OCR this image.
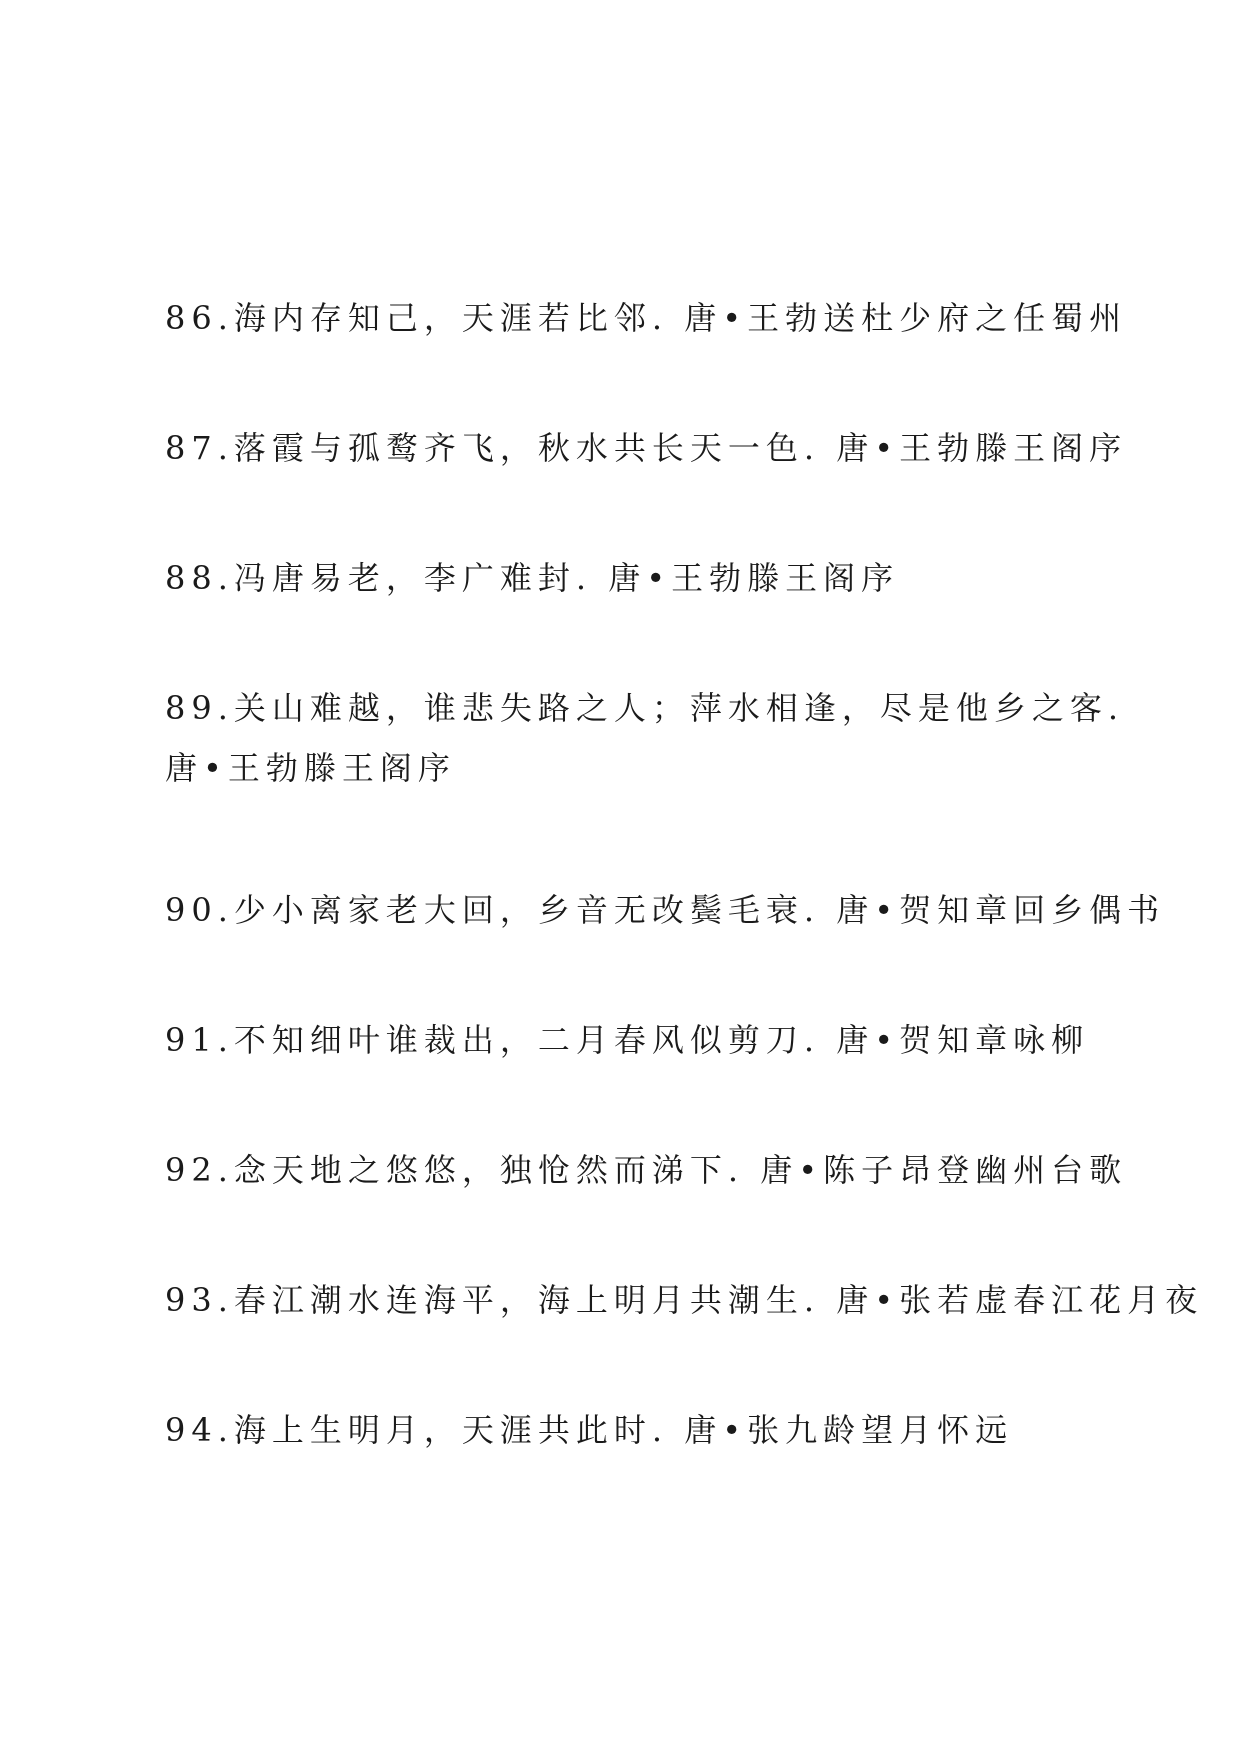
86.海内存知己，天涯若比邻. 唐•王勃送杜少府之任蜀州
87.落霞与孤鹜齐飞，秋水共长天一色. 唐•王勃滕王阁序
88.冯唐易老，李广难封. 唐•王勃滕王阁序
89.关山难越，谁悲失路之人；萍水相逢，尽是他乡之客.
唐•王勃滕王阁序
90.少小离家老大回，乡音无改鬓毛衰. 唐•贺知章回乡偶书
91.不知细叶谁裁出，二月春风似剪刀. 唐•贺知章咏柳
92.念天地之悠悠，独怆然而涕下. 唐•陈子昂登幽州台歌
93.春江潮水连海平，海上明月共潮生. 唐•张若虚春江花月夜
94.海上生明月，天涯共此时. 唐•张九龄望月怀远
